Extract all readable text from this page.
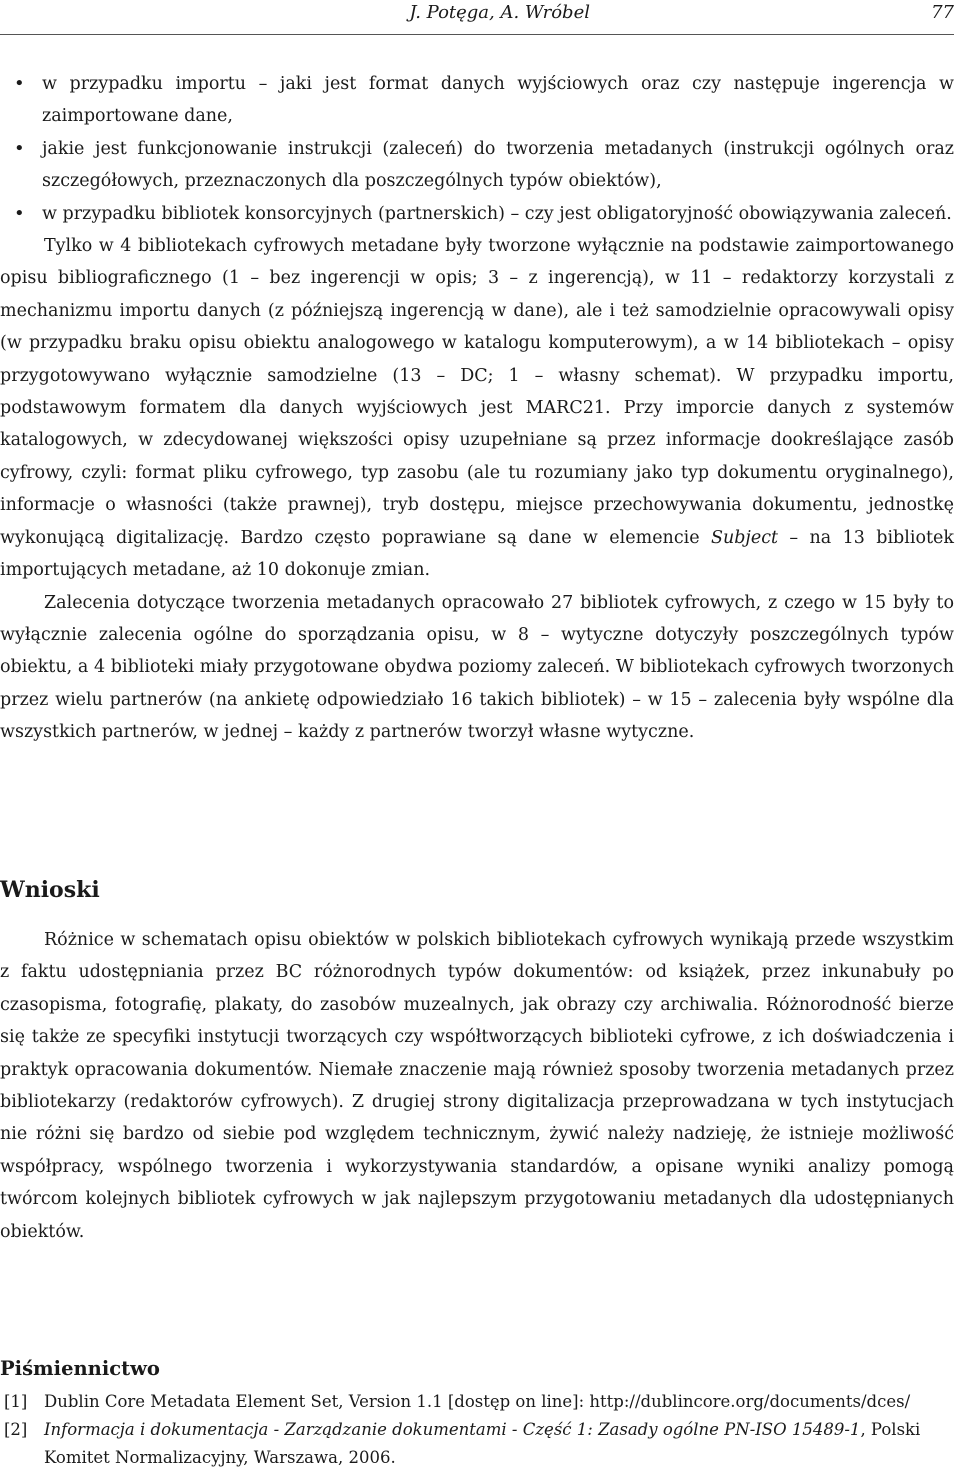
J. Potęga, A. Wróbel	77
• w przypadku importu – jaki jest format danych wyjściowych oraz czy następuje ingerencja w zaimportowane dane,
• jakie jest funkcjonowanie instrukcji (zaleceń) do tworzenia metadanych (instrukcji ogólnych oraz szczegółowych, przeznaczonych dla poszczególnych typów obiektów),
• w przypadku bibliotek konsorcyjnych (partnerskich) – czy jest obligatoryjność obowiązywania zaleceń.

Tylko w 4 bibliotekach cyfrowych metadane były tworzone wyłącznie na podstawie zaimportowanego opisu bibliograficznego (1 – bez ingerencji w opis; 3 – z ingerencją), w 11 – redaktorzy korzystali z mechanizmu importu danych (z późniejszą ingerencją w dane), ale i też samodzielnie opracowywali opisy (w przypadku braku opisu obiektu analogowego w katalogu komputerowym), a w 14 bibliotekach – opisy przygotowywano wyłącznie samodzielne (13 – DC; 1 – własny schemat). W przypadku importu, podstawowym formatem dla danych wyjściowych jest MARC21. Przy imporcie danych z systemów katalogowych, w zdecydowanej większości opisy uzupełniane są przez informacje dookreślające zasób cyfrowy, czyli: format pliku cyfrowego, typ zasobu (ale tu rozumiany jako typ dokumentu oryginalnego), informacje o własności (także prawnej), tryb dostępu, miejsce przechowywania dokumentu, jednostkę wykonującą digitalizację. Bardzo często poprawiane są dane w elemencie Subject – na 13 bibliotek importujących metadane, aż 10 dokonuje zmian.

Zalecenia dotyczące tworzenia metadanych opracowało 27 bibliotek cyfrowych, z czego w 15 były to wyłącznie zalecenia ogólne do sporządzania opisu, w 8 – wytyczne dotyczyły poszczególnych typów obiektu, a 4 biblioteki miały przygotowane obydwa poziomy zaleceń. W bibliotekach cyfrowych tworzonych przez wielu partnerów (na ankietę odpowiedziało 16 takich bibliotek) – w 15 – zalecenia były wspólne dla wszystkich partnerów, w jednej – każdy z partnerów tworzył własne wytyczne.

Wnioski

Różnice w schematach opisu obiektów w polskich bibliotekach cyfrowych wynikają przede wszystkim z faktu udostępniania przez BC różnorodnych typów dokumentów: od książek, przez inkunabuły po czasopisma, fotografię, plakaty, do zasobów muzealnych, jak obrazy czy archiwalia. Różnorodność bierze się także ze specyfiki instytucji tworzących czy współtworzących biblioteki cyfrowe, z ich doświadczenia i praktyk opracowania dokumentów. Niemałe znaczenie mają również sposoby tworzenia metadanych przez bibliotekarzy (redaktorów cyfrowych). Z drugiej strony digitalizacja przeprowadzana w tych instytucjach nie różni się bardzo od siebie pod względem technicznym, żywić należy nadzieję, że istnieje możliwość współpracy, wspólnego tworzenia i wykorzystywania standardów, a opisane wyniki analizy pomogą twórcom kolejnych bibliotek cyfrowych w jak najlepszym przygotowaniu metadanych dla udostępnianych obiektów.

Piśmiennictwo
[1] Dublin Core Metadata Element Set, Version 1.1 [dostęp on line]: http://dublincore.org/documents/dces/
[2] Informacja i dokumentacja - Zarządzanie dokumentami - Część 1: Zasady ogólne PN-ISO 15489-1, Polski Komitet Normalizacyjny, Warszawa, 2006.
